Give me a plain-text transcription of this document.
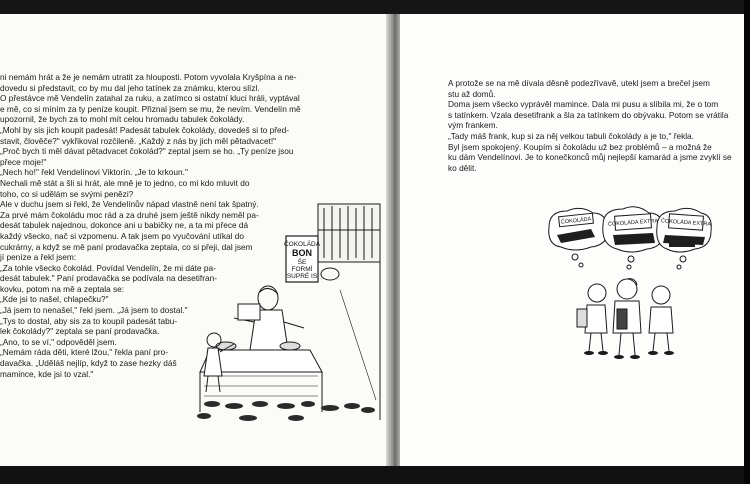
ni nemám hrát a že je nemám utratit za hlouposti. Potom vyvolala Kryšpína a ne-
dovedu si představit, co by mu dal jeho tatínek za známku, kterou slízl.
O přestávce mě Vendelín zatahal za ruku, a zatímco si ostatní kluci hráli, vyptával
e mě, co si míním za ty peníze koupit. Přiznal jsem se mu, že nevím. Vendelín mě
upozornil, že bych za to mohl mít celou hromadu tabulek čokolády.
„Mohl by sis jich koupit padesát! Padesát tabulek čokolády, dovedeš si to před-
stavit, člověče?" vykřikoval rozčileně. „Každý z nás by jich měl pětadvacet!"
„Proč bych ti měl dávat pětadvacet čokolád?" zeptal jsem se ho. „Ty peníze jsou
přece moje!"
„Nech ho!" řekl Vendelínovi Viktorín. „Je to krkoun."
Nechali mě stát a šli si hrát, ale mně je to jedno, co mi kdo mluvit do
toho, co si udělám se svými penězi?
Ale v duchu jsem si řekl, že Vendelínův nápad vlastně není tak špatný.
Za prvé mám čokoládu moc rád a za druhé jsem ještě nikdy neměl pa-
desát tabulek najednou, dokonce ani u babičky ne, a ta mi přece dá
každý všecko, nač si vzpomenu. A tak jsem po vyučování utíkal do
cukrárny, a když se mě paní prodavačka zeptala, co si přeji, dal jsem
jí peníze a řekl jsem:
„Za tohle všecko čokolád. Povídal Vendelín, že mi dáte pa-
desát tabulek." Paní prodavačka se podívala na desetifran-
kovku, potom na mě a zeptala se:
„Kde jsi to našel, chlapečku?"
„Já jsem to nenašel," řekl jsem. „Já jsem to dostal."
„Tys to dostal, aby sis za to koupil padesát tabu-
lek čokolády?" zeptala se paní prodavačka.
„Ano, to se ví," odpověděl jsem.
„Nemám ráda děti, které lžou," řekla paní pro-
davačka. „Uděláš nejlíp, když to zase hezky dáš
mamince, kde jsi to vzal."
ČOKOLÁDA
BON
ŠE
FORMÍ
SUPRÉ IS
A protože se na mě dívala děsně podezřívavě, utekl jsem a brečel jsem
stu až domů.
Doma jsem všecko vyprávěl mamince. Dala mi pusu a slíbila mi, že o tom
s tatínkem. Vzala desetifrank a šla za tatínkem do obývaku. Potom se vrátila
vým frankem.
„Tady máš frank, kup si za něj velkou tabuli čokolády a je to," řekla.
Byl jsem spokojený. Koupím si čokoládu už bez problémů – a možná že
ku dám Vendelínovi. Je to konečkonců můj nejlepší kamarád a jsme zvyklí se
ko dělit.
ČOKOLÁDA	ČOKOLÁDA EXTRA ČOKOLÁDA EXTRA
